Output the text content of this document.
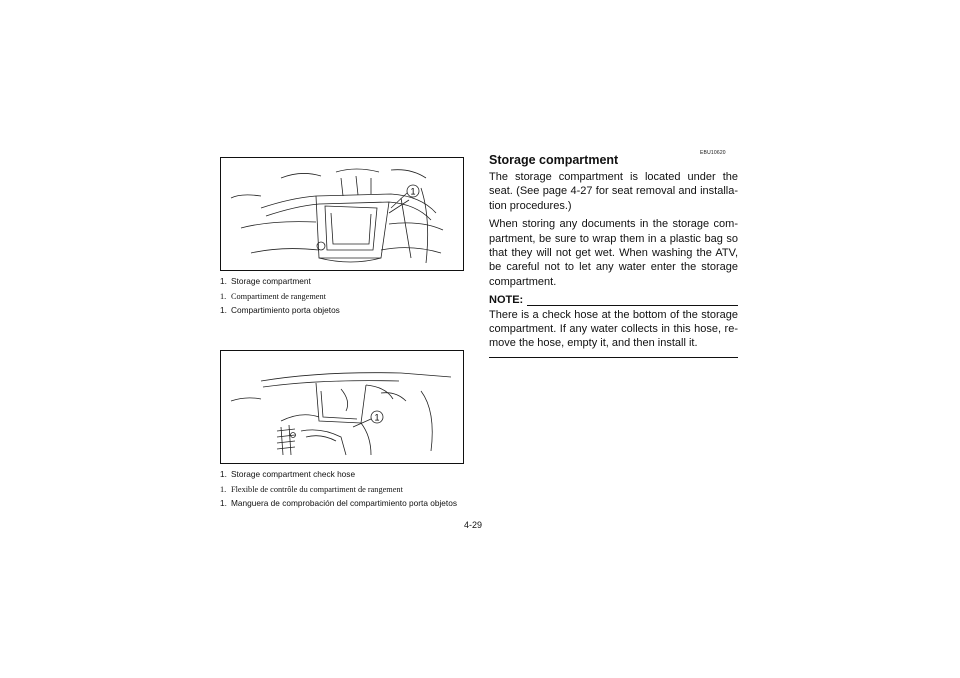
1
1. Storage compartment
1. Compartiment de rangement
1. Compartimiento porta objetos
1
1. Storage compartment check hose
1. Flexible de contrôle du compartiment de rangement
1. Manguera de comprobación del compartimiento porta objetos
EBU10620
Storage compartment

The storage compartment is located under the seat. (See page 4-27 for seat removal and installa-tion procedures.)

When storing any documents in the storage com-partment, be sure to wrap them in a plastic bag so that they will not get wet. When washing the ATV, be careful not to let any water enter the storage compartment.

NOTE:

There is a check hose at the bottom of the storage compartment. If any water collects in this hose, re-move the hose, empty it, and then install it.

4-29
